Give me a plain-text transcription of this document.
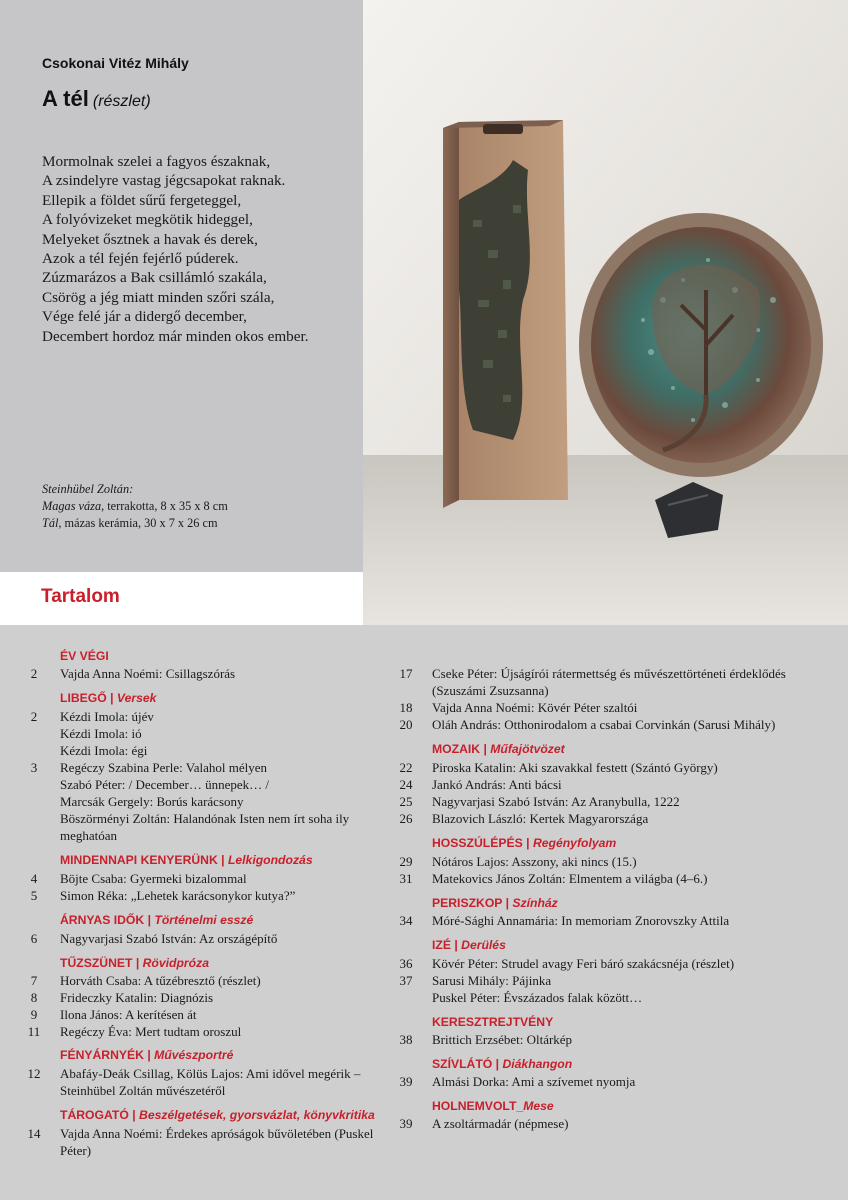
Csokonai Vitéz Mihály
A tél (részlet)
Mormolnak szelei a fagyos északnak,
A zsindelyre vastag jégcsapokat raknak.
Ellepik a földet sűrű fergeteggel,
A folyóvizeket megkötik hideggel,
Melyeket ősztnek a havak és derek,
Azok a tél fején fejérlő púderek.
Zúzmarázos a Bak csillámló szakála,
Csörög a jég miatt minden szőri szála,
Vége felé jár a didergő december,
Decembert hordoz már minden okos ember.
Steinhübel Zoltán:
Magas váza, terrakotta, 8 x 35 x 8 cm
Tál, mázas kerámia, 30 x 7 x 26 cm
Tartalom
ÉV VÉGI
2	Vajda Anna Noémi: Csillagszórás
LIBEGŐ | Versek
2	Kézdi Imola: újév
Kézdi Imola: ió
Kézdi Imola: égi
3	Regéczy Szabina Perle: Valahol mélyen
Szabó Péter: / December… ünnepek… /
Marcsák Gergely: Borús karácsony
Böszörményi Zoltán: Halandónak Isten nem írt soha ily meghatóan
MINDENNAPI KENYERÜNK | Lelkigondozás
4	Böjte Csaba: Gyermeki bizalommal
5	Simon Réka: „Lehetek karácsonykor kutya?”
ÁRNYAS IDŐK | Történelmi esszé
6	Nagyvarjasi Szabó István: Az országépítő
TŰZSZÜNET | Rövidpróza
7	Horváth Csaba: A tűzébresztő (részlet)
8	Frideczky Katalin: Diagnózis
9	Ilona János: A kerítésen át
11 Regéczy Éva: Mert tudtam oroszul
FÉNYÁRNYÉK | Művészportré
12 Abafáy-Deák Csillag, Kölüs Lajos: Ami idővel megérik – Steinhübel Zoltán művészetéről
TÁROGATÓ | Beszélgetések, gyorsvázlat, könyvkritika
14 Vajda Anna Noémi: Érdekes apróságok bűvöletében (Puskel Péter)
17 Cseke Péter: Újságírói rátermettség és művészettörténeti érdeklődés (Szuszámi Zsuzsanna)
18 Vajda Anna Noémi: Kövér Péter szaltói
20 Oláh András: Otthonirodalom a csabai Corvinkán (Sarusi Mihály)
MOZAIK | Műfajötvözet
22 Piroska Katalin: Aki szavakkal festett (Szántó György)
24 Jankó András: Anti bácsi
25 Nagyvarjasi Szabó István: Az Aranybulla, 1222
26 Blazovich László: Kertek Magyarországa
HOSSZÚLÉPÉS | Regényfolyam
29 Nótáros Lajos: Asszony, aki nincs (15.)
31 Matekovics János Zoltán: Elmentem a világba (4–6.)
PERISZKOP | Színház
34 Móré-Sághi Annamária: In memoriam Znorovszky Attila
IZÉ | Derülés
36 Kövér Péter: Strudel avagy Feri báró szakácsnéja (részlet)
37 Sarusi Mihály: Pájinka
Puskel Péter: Évszázados falak között…
KERESZTREJTVÉNY
38 Brittich Erzsébet: Oltárkép
SZÍVLÁTÓ | Diákhangon
39 Almási Dorka: Ami a szívemet nyomja
HOLNEMVOLT_Mese
39 A zsoltármadár (népmese)
